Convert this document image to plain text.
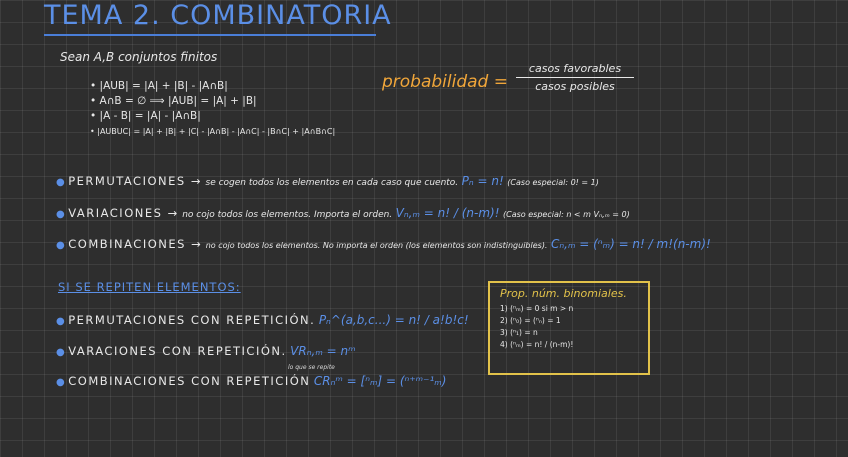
TEMA 2. COMBINATORIA
Sean A,B conjuntos finitos
• |AUB| = |A| + |B| - |A∩B|
• A∩B = ∅ ⟹ |AUB| = |A| + |B|
• |A - B| = |A| - |A∩B|
• |AUBUC| = |A| + |B| + |C| - |A∩B| - |A∩C| - |B∩C| + |A∩B∩C|
probabilidad =
casos favorables
casos posibles
● PERMUTACIONES → se cogen todos los elementos en cada caso que cuento. Pₙ = n! (Caso especial: 0! = 1)
● VARIACIONES → no cojo todos los elementos. Importa el orden. Vₙ,ₘ = n! / (n-m)! (Caso especial: n < m Vₙ,ₘ = 0)
● COMBINACIONES → no cojo todos los elementos. No importa el orden (los elementos son indistinguibles). Cₙ,ₘ = (ⁿₘ) = n! / m!(n-m)!
SI SE REPITEN ELEMENTOS:
● PERMUTACIONES CON REPETICIÓN. Pₙ^(a,b,c...) = n! / a!b!c!
● VARACIONES CON REPETICIÓN. VRₙ,ₘ = nᵐ
lo que se repite
● COMBINACIONES CON REPETICIÓN CRₙᵐ = [ⁿₘ] = (ⁿ⁺ᵐ⁻¹ₘ)
Prop. núm. binomiales.
1) (ⁿₘ) = 0 si m > n
2) (ⁿ₀) = (ⁿₙ) = 1
3) (ⁿ₁) = n
4) (ⁿₘ) = n! / (n-m)!
